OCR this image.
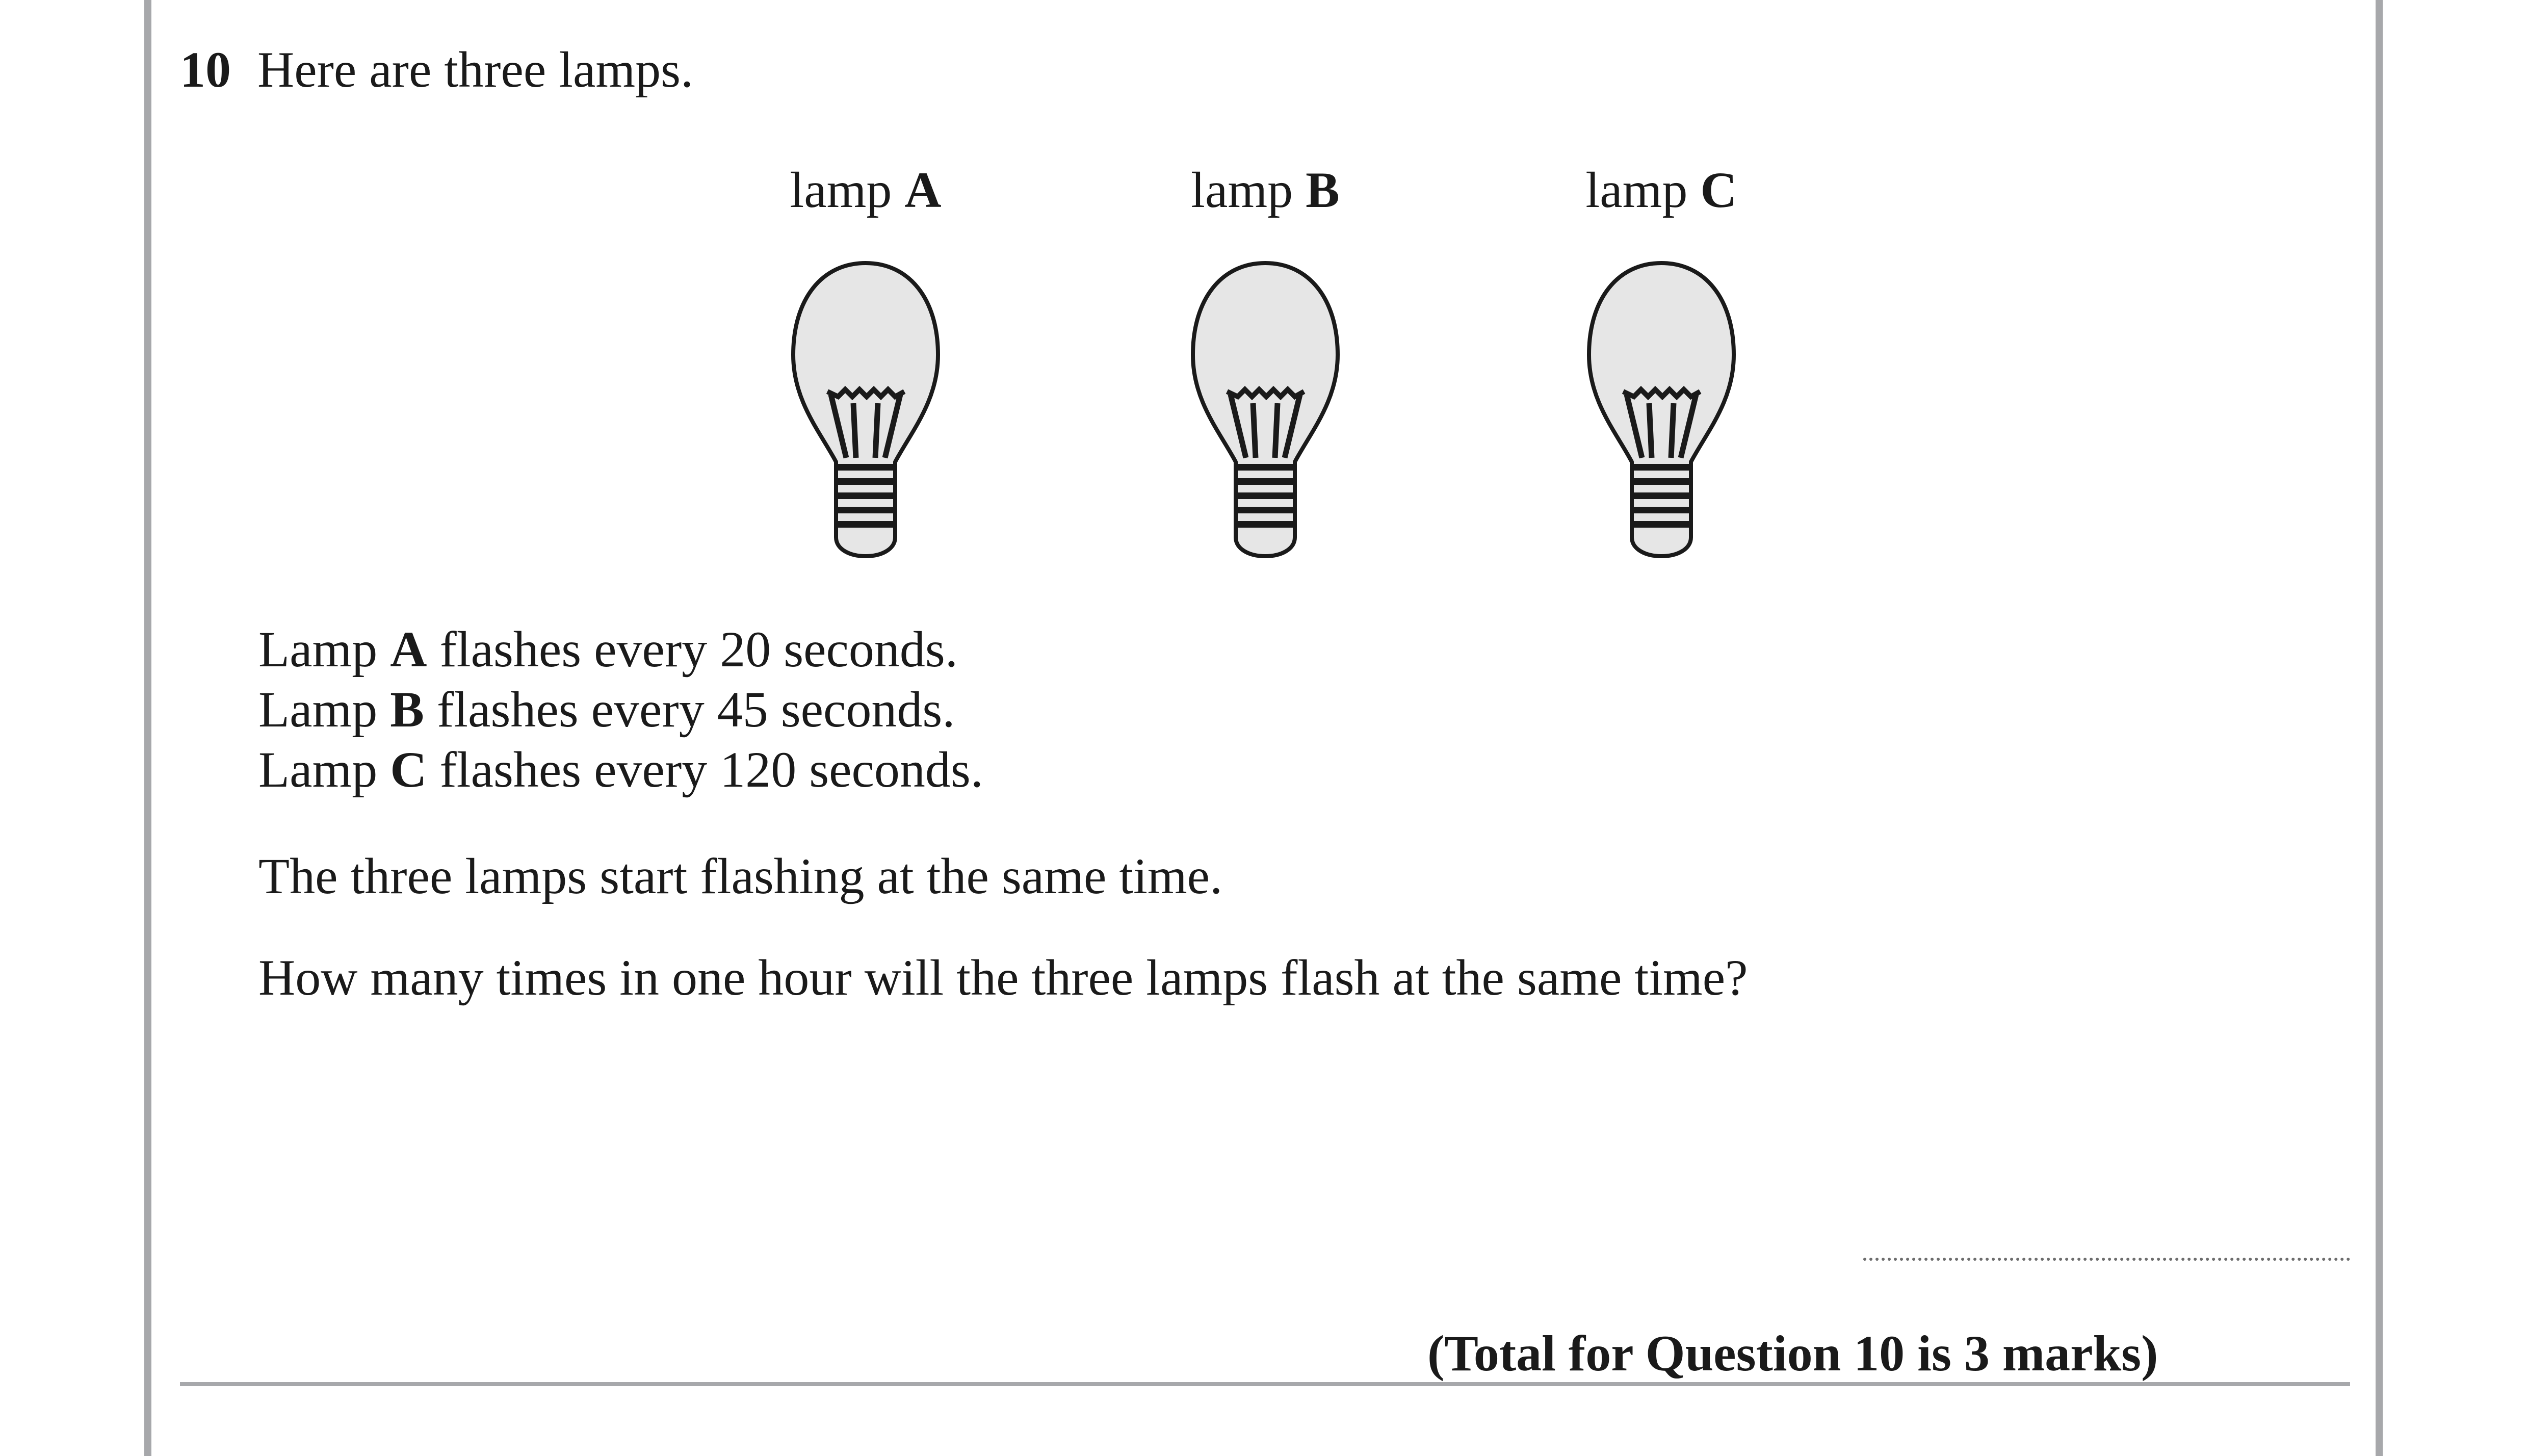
10 Here are three lamps.
lamp A	lamp B	lamp C
Lamp A flashes every 20 seconds.
Lamp B flashes every 45 seconds.
Lamp C flashes every 120 seconds.
The three lamps start flashing at the same time.
How many times in one hour will the three lamps flash at the same time?
(Total for Question 10 is 3 marks)
